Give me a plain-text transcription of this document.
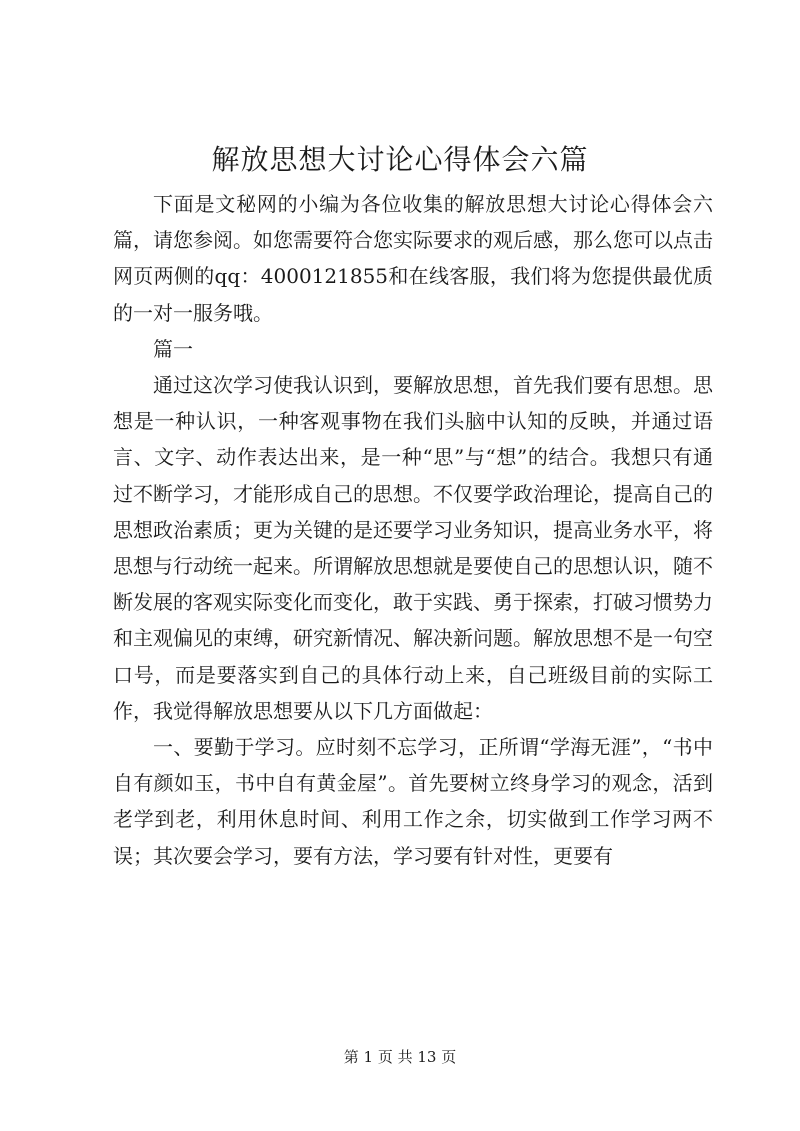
解放思想大讨论心得体会六篇

下面是文秘网的小编为各位收集的解放思想大讨论心得体会六篇，请您参阅。如您需要符合您实际要求的观后感，那么您可以点击网页两侧的qq：4000121855和在线客服，我们将为您提供最优质的一对一服务哦。

篇一

通过这次学习使我认识到，要解放思想，首先我们要有思想。思想是一种认识，一种客观事物在我们头脑中认知的反映，并通过语言、文字、动作表达出来，是一种“思”与“想”的结合。我想只有通过不断学习，才能形成自己的思想。不仅要学政治理论，提高自己的思想政治素质；更为关键的是还要学习业务知识，提高业务水平，将思想与行动统一起来。所谓解放思想就是要使自己的思想认识，随不断发展的客观实际变化而变化，敢于实践、勇于探索，打破习惯势力和主观偏见的束缚，研究新情况、解决新问题。解放思想不是一句空口号，而是要落实到自己的具体行动上来，自己班级目前的实际工作，我觉得解放思想要从以下几方面做起：

一、要勤于学习。应时刻不忘学习，正所谓“学海无涯”，“书中自有颜如玉，书中自有黄金屋”。首先要树立终身学习的观念，活到老学到老，利用休息时间、利用工作之余，切实做到工作学习两不误；其次要会学习，要有方法，学习要有针对性，更要有

第 1 页 共 13 页
